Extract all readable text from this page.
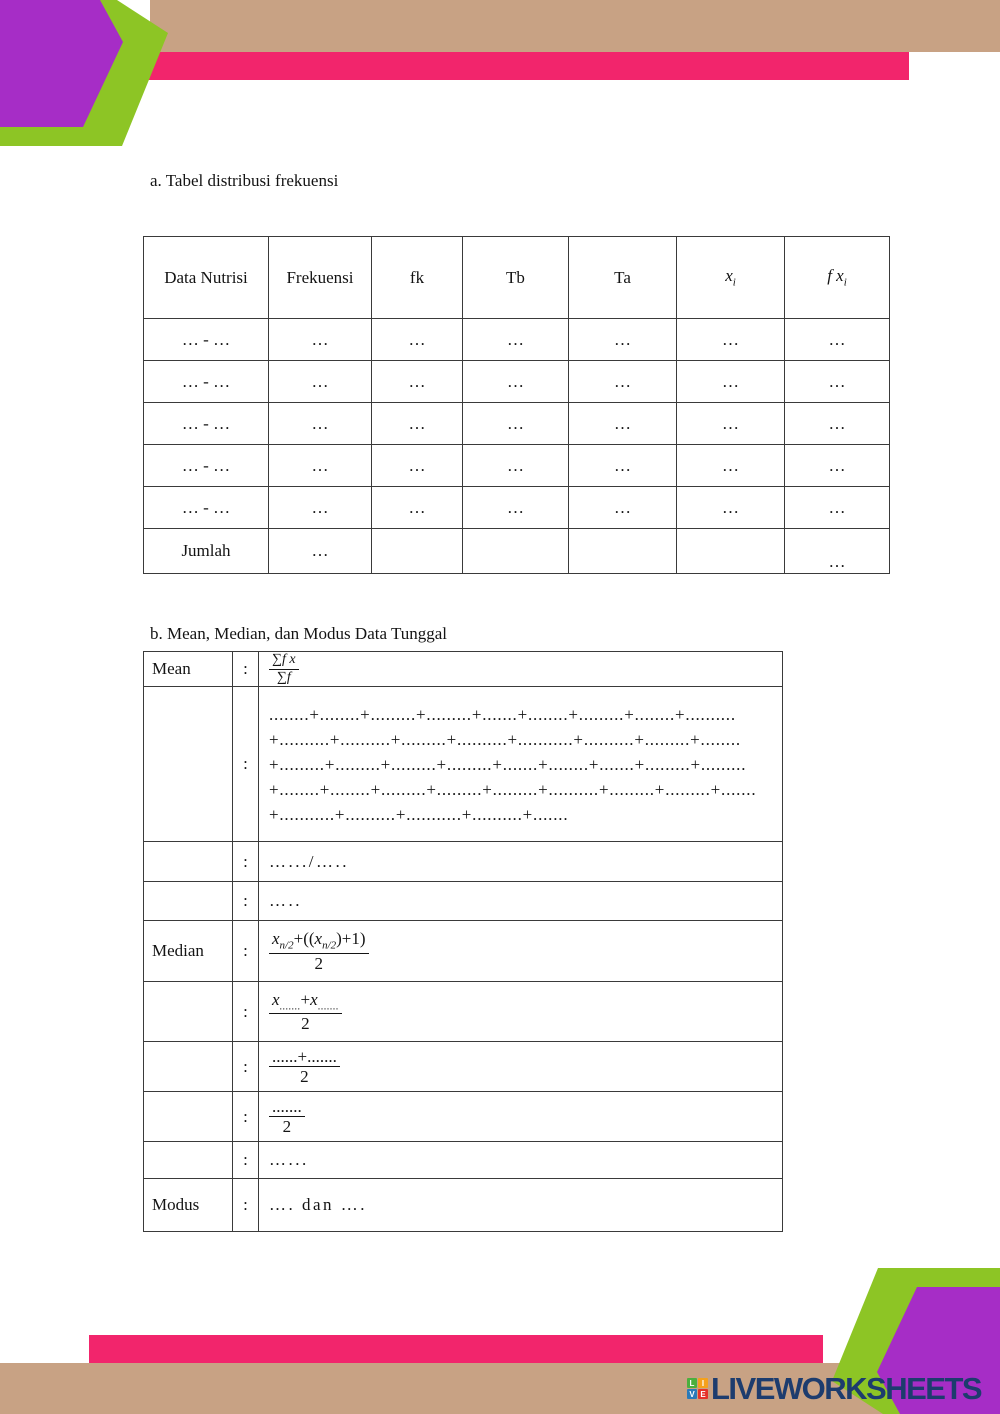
a. Tabel distribusi frekuensi
Data Nutrisi	Frekuensi	fk	Tb	Ta	$x_i$	f $x_i$
… - …	…	…	…	…	…	…
… - …	…	…	…	…	…	…
… - …	…	…	…	…	…	…
… - …	…	…	…	…	…	…
… - …	…	…	…	…	…	…
Jumlah	…					…
b. Mean, Median, dan Modus Data Tunggal
Mean	:	$\frac{\text{∑f x}}{\sum f}$

	:	........+........+.........+.........+.......+........+.........+........+..........
+..........+..........+.........+..........+...........+..........+.........+........
+.........+.........+.........+.........+.......+........+.......+.........+.........
+........+........+.........+.........+.........+..........+.........+.........+.......
+...........+..........+...........+..........+.......

	:	….../…..
	:	…..
Median	:	$\frac{x_{n/2}+((x_{n/2})+1)}{2}$

	:	$\frac{x_{.......}+x_{.......}}{2}$

	:	$\frac{......+.......}{2}$

	:	$\frac{.......}{2}$

	:	…...
Modus	:	…. dan ….
L I
V E LIVEWORKSHEETS
